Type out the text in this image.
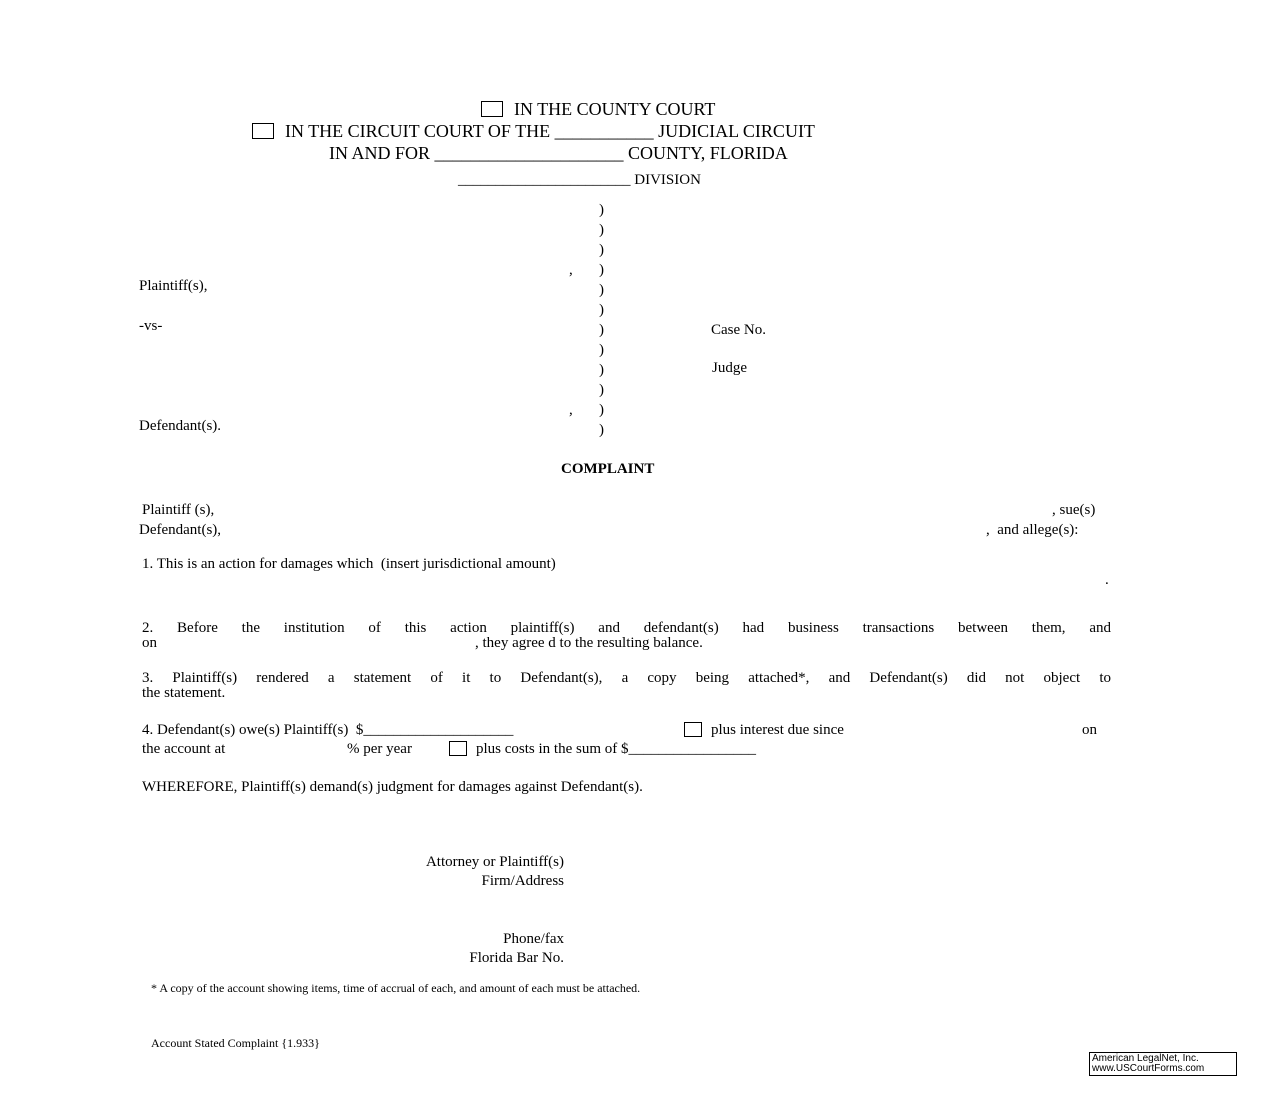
IN THE COUNTY COURT
IN THE CIRCUIT COURT OF THE ___________ JUDICIAL CIRCUIT
IN AND FOR _____________________ COUNTY, FLORIDA
_______________________ DIVISION
)
)
)
)
)
)
)
)
)
)
)
)
,
Plaintiff(s),
-vs-
,
Defendant(s).
Case No.
Judge
COMPLAINT
Plaintiff (s),	, sue(s)
Defendant(s),	,  and allege(s):
1. This is an action for damages which  (insert jurisdictional amount)
.
2. Before the institution of this action plaintiff(s) and defendant(s) had business transactions between them, and
on	, they agree d to the resulting balance.
3. Plaintiff(s) rendered a statement of it to Defendant(s), a copy being attached*, and Defendant(s) did not object to
the statement.
4. Defendant(s) owe(s) Plaintiff(s)  $____________________	plus interest due since	on
the account at	% per year	plus costs in the sum of $_________________
WHEREFORE, Plaintiff(s) demand(s) judgment for damages against Defendant(s).
Attorney or Plaintiff(s)
Firm/Address
Phone/fax
Florida Bar No.
* A copy of the account showing items, time of accrual of each, and amount of each must be attached.
Account Stated Complaint {1.933}
American LegalNet, Inc.
www.USCourtForms.com
